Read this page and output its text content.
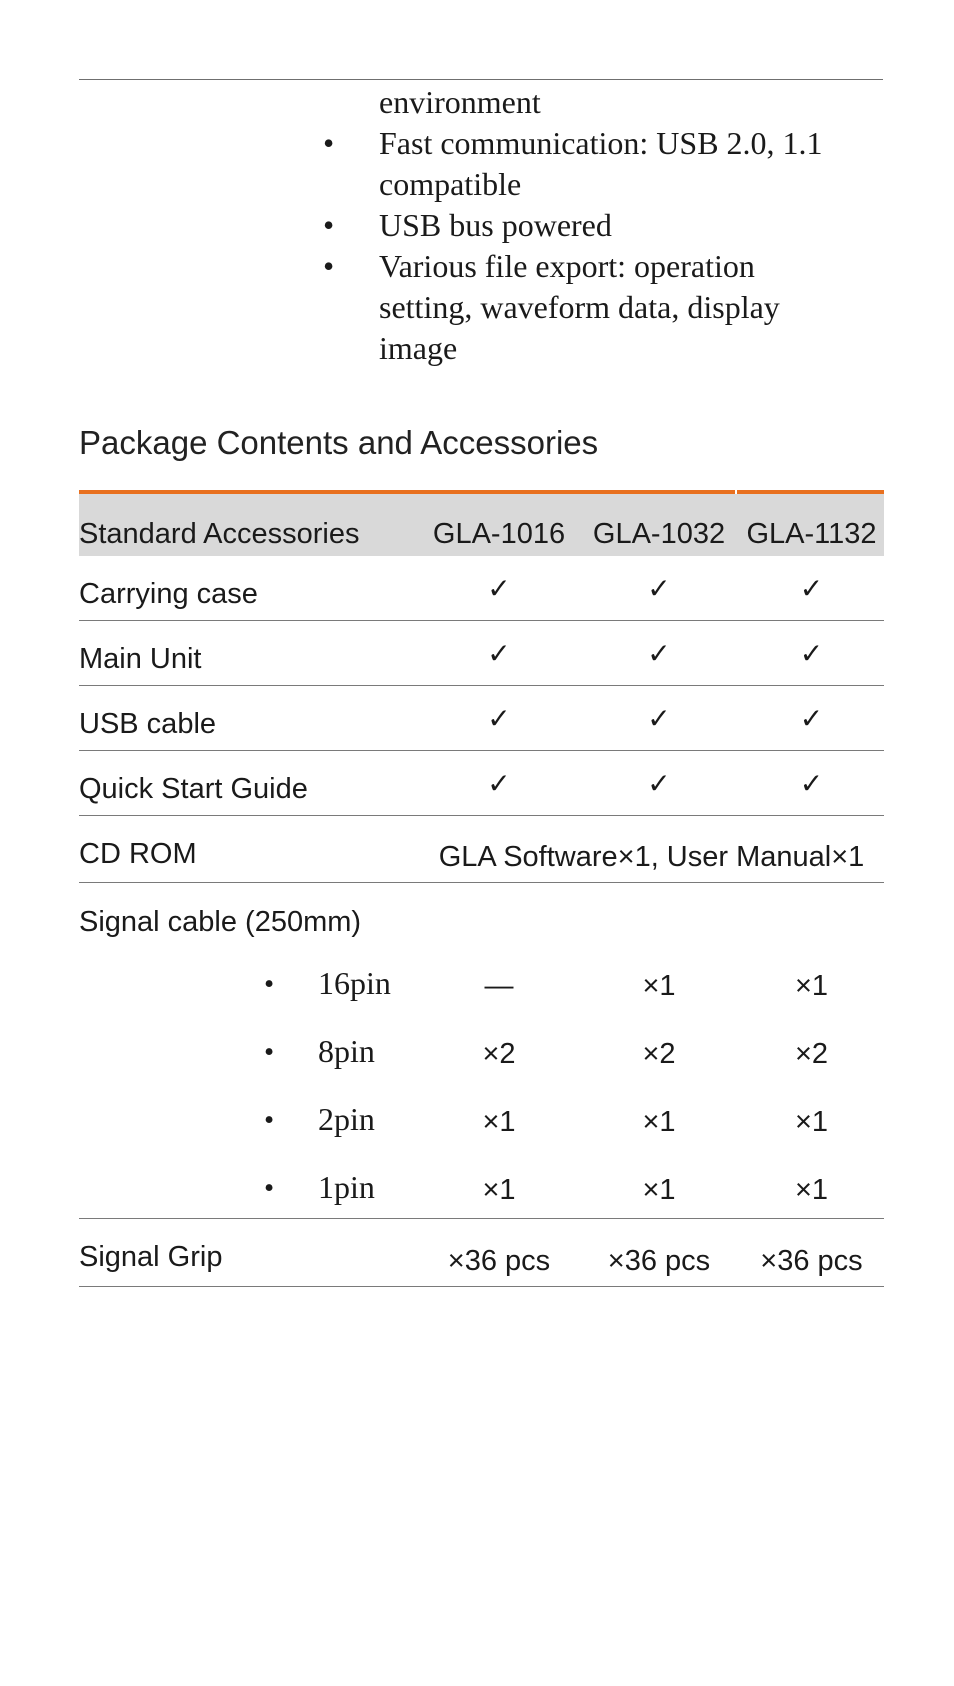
environment

• Fast communication: USB 2.0, 1.1

compatible

• USB bus powered

• Various file export: operation

setting, waveform data, display

image

Package Contents and Accessories
Standard Accessories	GLA-1016 GLA-1032 GLA-1132
Carrying case	✓	✓	✓
Main Unit	✓	✓	✓
USB cable	✓	✓	✓
Quick Start Guide	✓	✓	✓
CD ROM	GLA Software×1, User Manual×1
Signal cable (250mm)
• 16pin	—	×1	×1
• 8pin	×2	×2	×2
• 2pin	×1	×1	×1
• 1pin	×1	×1	×1
Signal Grip	×36 pcs	×36 pcs	×36 pcs
